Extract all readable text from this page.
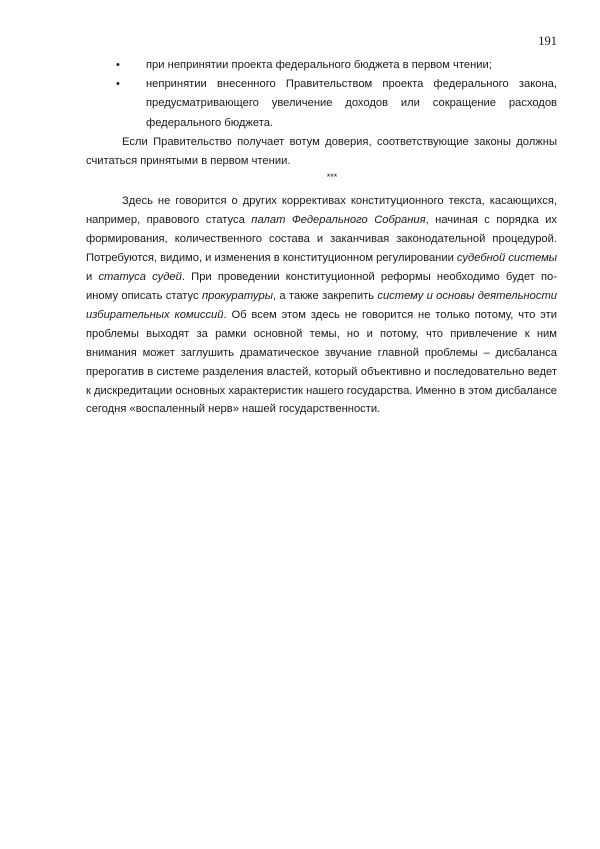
191
• при непринятии проекта федерального бюджета в первом чтении;
• непринятии внесенного Правительством проекта федерального закона,
предусматривающего увеличение доходов или сокращение расходов
федерального бюджета.
Если Правительство получает вотум доверия, соответствующие законы должны
считаться принятыми в первом чтении.
***
Здесь не говорится о других коррективах конституционного текста, касающихся,
например, правового статуса палат Федерального Собрания, начиная с порядка их
формирования, количественного состава и заканчивая законодательной процедурой.
Потребуются, видимо, и изменения в конституционном регулировании судебной системы
и статуса судей. При проведении конституционной реформы необходимо будет по-
иному описать статус прокуратуры, а также закрепить систему и основы деятельности
избирательных комиссий. Об всем этом здесь не говорится не только потому, что эти
проблемы выходят за рамки основной темы, но и потому, что привлечение к ним
внимания может заглушить драматическое звучание главной проблемы – дисбаланса
прерогатив в системе разделения властей, который объективно и последовательно ведет
к дискредитации основных характеристик нашего государства. Именно в этом дисбалансе
сегодня «воспаленный нерв» нашей государственности.
